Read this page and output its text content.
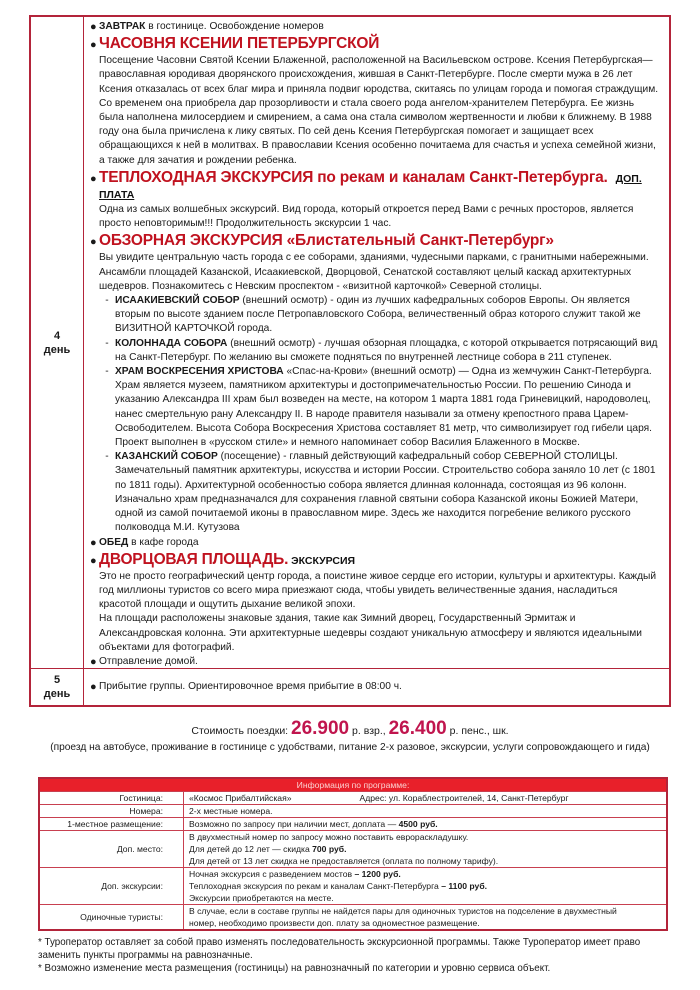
4
день
● ЗАВТРАК в гостинице. Освобождение номеров
● ЧАСОВНЯ КСЕНИИ ПЕТЕРБУРГСКОЙ
Посещение Часовни Святой Ксении Блаженной, расположенной на Васильевском острове. Ксения Петербургская— православная юродивая дворянского происхождения, жившая в Санкт-Петербурге. После смерти мужа в 26 лет Ксения отказалась от всех благ мира и приняла подвиг юродства, скитаясь по улицам города и помогая страждущим. Со временем она приобрела дар прозорливости и стала своего рода ангелом-хранителем Петербурга. Ее жизнь была наполнена милосердием и смирением, а сама она стала символом жертвенности и любви к ближнему. В 1988 году она была причислена к лику святых. По сей день Ксения Петербургская помогает и защищает всех обращающихся к ней в молитвах. В православии Ксения особенно почитаема для счастья и успеха семейной жизни, а также для зачатия и рождении ребенка.
● ТЕПЛОХОДНАЯ ЭКСКУРСИЯ по рекам и каналам Санкт-Петербурга. ДОП. ПЛАТА
Одна из самых волшебных экскурсий. Вид города, который откроется перед Вами с речных просторов, является просто неповторимым!!! Продолжительность экскурсии 1 час.
● ОБЗОРНАЯ ЭКСКУРСИЯ «Блистательный Санкт-Петербург»
Вы увидите центральную часть города с ее соборами, зданиями, чудесными парками, с гранитными набережными. Ансамбли площадей Казанской, Исаакиевской, Дворцовой, Сенатской составляют целый каскад архитектурных шедевров. Познакомитесь с Невским проспектом - «визитной карточкой» Северной столицы.
- ИСААКИЕВСКИЙ СОБОР (внешний осмотр) - один из лучших кафедральных соборов Европы. Он является вторым по высоте зданием после Петропавловского Собора, величественный образ которого служит такой же ВИЗИТНОЙ КАРТОЧКОЙ города.
- КОЛОННАДА СОБОРА (внешний осмотр) - лучшая обзорная площадка, с которой открывается потрясающий вид на Санкт-Петербург. По желанию вы сможете подняться по внутренней лестнице собора в 211 ступенек.
- ХРАМ ВОСКРЕСЕНИЯ ХРИСТОВА «Спас-на-Крови» (внешний осмотр) — Одна из жемчужин Санкт-Петербурга. Храм является музеем, памятником архитектуры и достопримечательностью России. По решению Синода и указанию Александра III храм был возведен на месте, на котором 1 марта 1881 года Гриневицкий, народоволец, нанес смертельную рану Александру II. В народе правителя называли за отмену крепостного права Царем-Освободителем. Высота Собора Воскресения Христова составляет 81 метр, что символизирует год гибели царя. Проект выполнен в «русском стиле» и немного напоминает собор Василия Блаженного в Москве.
- КАЗАНСКИЙ СОБОР (посещение) - главный действующий кафедральный собор СЕВЕРНОЙ СТОЛИЦЫ. Замечательный памятник архитектуры, искусства и истории России. Строительство собора заняло 10 лет (с 1801 по 1811 годы). Архитектурной особенностью собора является длинная колоннада, состоящая из 96 колонн. Изначально храм предназначался для сохранения главной святыни собора Казанской иконы Божией Матери, одной из самой почитаемой иконы в православном мире. Здесь же находится погребение великого русского полководца М.И. Кутузова
● ОБЕД в кафе города
● ДВОРЦОВАЯ ПЛОЩАДЬ. ЭКСКУРСИЯ
Это не просто географический центр города, а поистине живое сердце его истории, культуры и архитектуры. Каждый год миллионы туристов со всего мира приезжают сюда, чтобы увидеть величественные здания, насладиться красотой площади и ощутить дыхание великой эпохи.
На площади расположены знаковые здания, такие как Зимний дворец, Государственный Эрмитаж и Александровская колонна. Эти архитектурные шедевры создают уникальную атмосферу и являются идеальными объектами для фотографий.
● Отправление домой.
5
день
● Прибытие группы. Ориентировочное время прибытие в 08:00 ч.
Стоимость поездки: 26.900 р. взр., 26.400 р. пенс., шк.
(проезд на автобусе, проживание в гостинице с удобствами, питание 2-х разовое, экскурсии, услуги сопровождающего и гида)
Информация по программе:
Гостиница:	«Космос Прибалтийская»	Адрес: ул. Кораблестроителей, 14, Санкт-Петербург
Номера:	2-х местные номера.
1-местное размещение:	Возможно по запросу при наличии мест, доплата — 4500 руб.
Доп. место:
В двухместный номер по запросу можно поставить еврораскладушку.
Для детей до 12 лет — скидка 700 руб.
Для детей от 13 лет скидка не предоставляется (оплата по полному тарифу).
Доп. экскурсии:
Ночная экскурсия с разведением мостов – 1200 руб.
Теплоходная экскурсия по рекам и каналам Санкт-Петербурга – 1100 руб.
Экскурсии приобретаются на месте.
Одиночные туристы:
В случае, если в составе группы не найдется пары для одиночных туристов на подселение в двухместный
номер, необходимо произвести доп. плату за одноместное размещение.
* Туроператор оставляет за собой право изменять последовательность экскурсионной программы. Также Туроператор имеет право заменить пункты программы на равнозначные.
* Возможно изменение места размещения (гостиницы) на равнозначный по категории и уровню сервиса объект.
